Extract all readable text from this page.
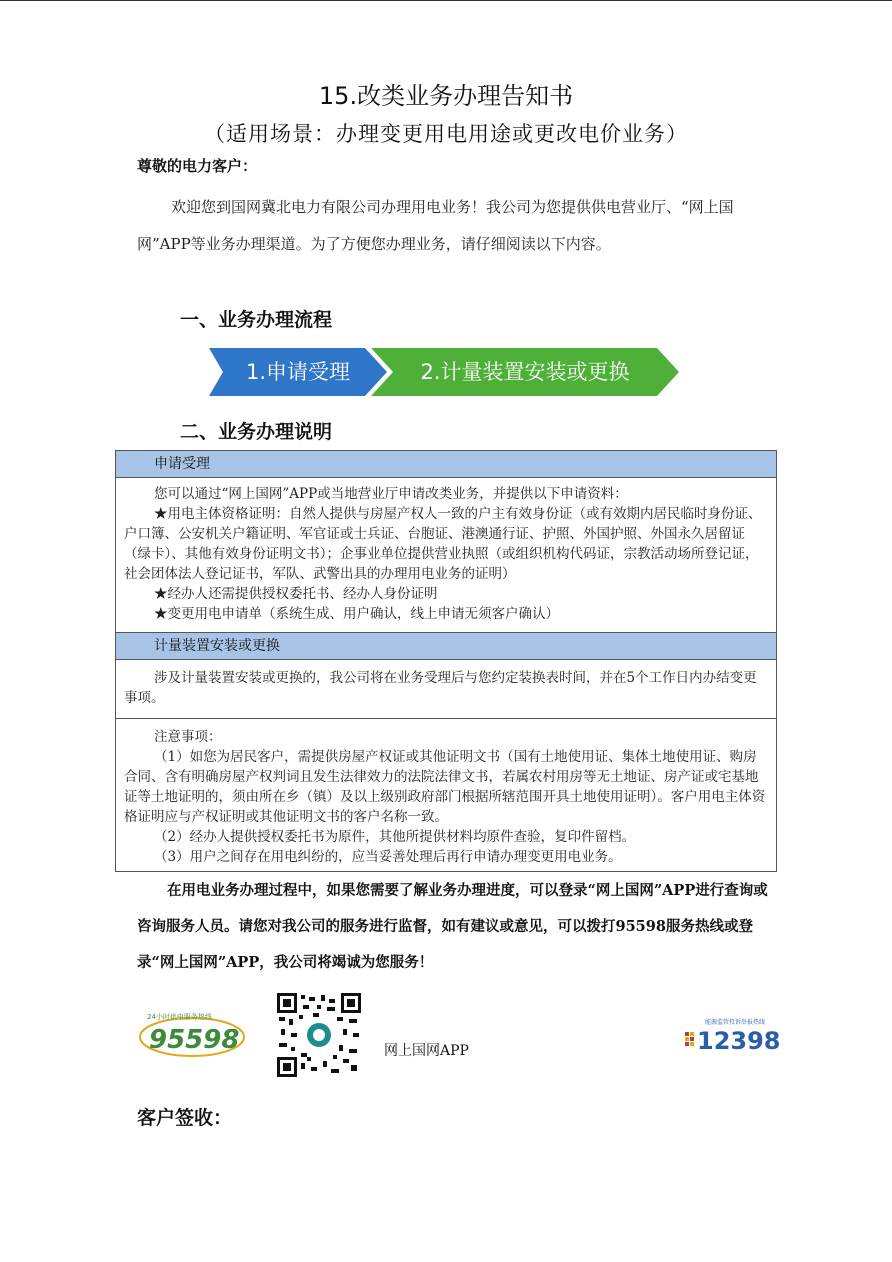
15.改类业务办理告知书
（适用场景：办理变更用电用途或更改电价业务）
尊敬的电力客户：
欢迎您到国网冀北电力有限公司办理用电业务！我公司为您提供供电营业厅、“网上国网”APP等业务办理渠道。为了方便您办理业务，请仔细阅读以下内容。
一、业务办理流程
1.申请受理	2.计量装置安装或更换
二、业务办理说明
申请受理

您可以通过“网上国网”APP或当地营业厅申请改类业务，并提供以下申请资料：

★用电主体资格证明：自然人提供与房屋产权人一致的户主有效身份证（或有效期内居民临时身份证、户口簿、公安机关户籍证明、军官证或士兵证、台胞证、港澳通行证、护照、外国护照、外国永久居留证（绿卡）、其他有效身份证明文书）；企事业单位提供营业执照（或组织机构代码证，宗教活动场所登记证，社会团体法人登记证书，军队、武警出具的办理用电业务的证明）

★经办人还需提供授权委托书、经办人身份证明

★变更用电申请单（系统生成、用户确认，线上申请无须客户确认）

计量装置安装或更换

涉及计量装置安装或更换的，我公司将在业务受理后与您约定装换表时间，并在5个工作日内办结变更事项。

注意事项：

（1）如您为居民客户，需提供房屋产权证或其他证明文书（国有土地使用证、集体土地使用证、购房合同、含有明确房屋产权判词且发生法律效力的法院法律文书，若属农村用房等无土地证、房产证或宅基地证等土地证明的，须由所在乡（镇）及以上级别政府部门根据所辖范围开具土地使用证明）。客户用电主体资格证明应与产权证明或其他证明文书的客户名称一致。

（2）经办人提供授权委托书为原件，其他所提供材料均原件查验，复印件留档。

（3）用户之间存在用电纠纷的，应当妥善处理后再行申请办理变更用电业务。

在用电业务办理过程中，如果您需要了解业务办理进度，可以登录“网上国网”APP进行查询或咨询服务人员。请您对我公司的服务进行监督，如有建议或意见，可以拨打95598服务热线或登录“网上国网”APP，我公司将竭诚为您服务！
24小时供电服务热线
95598	网上国网APP
能源监管投诉举报热线
12398
客户签收：
